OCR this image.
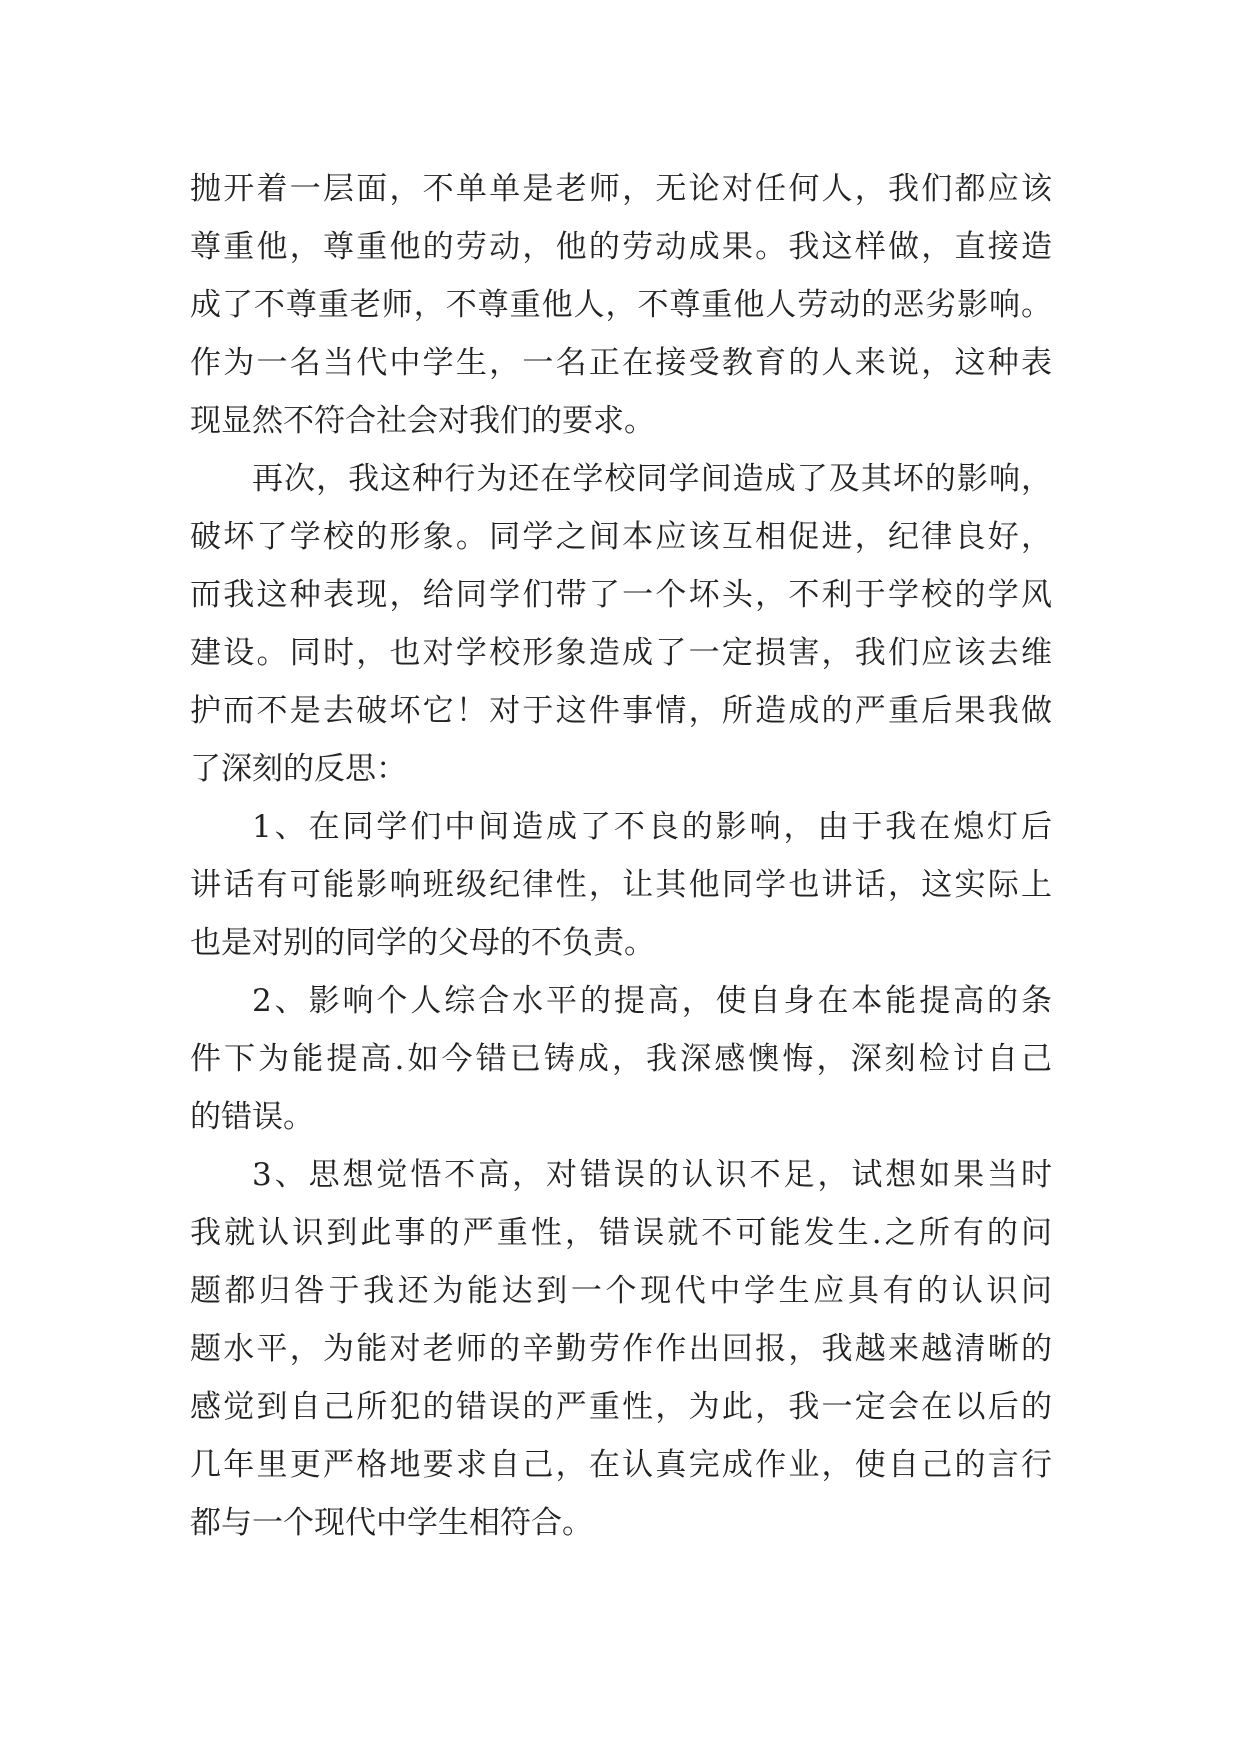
抛开着一层面，不单单是老师，无论对任何人，我们都应该
尊重他，尊重他的劳动，他的劳动成果。我这样做，直接造
成了不尊重老师，不尊重他人，不尊重他人劳动的恶劣影响。
作为一名当代中学生，一名正在接受教育的人来说，这种表
现显然不符合社会对我们的要求。
再次，我这种行为还在学校同学间造成了及其坏的影响，
破坏了学校的形象。同学之间本应该互相促进，纪律良好，
而我这种表现，给同学们带了一个坏头，不利于学校的学风
建设。同时，也对学校形象造成了一定损害，我们应该去维
护而不是去破坏它！对于这件事情，所造成的严重后果我做
了深刻的反思：
1、在同学们中间造成了不良的影响，由于我在熄灯后
讲话有可能影响班级纪律性，让其他同学也讲话，这实际上
也是对别的同学的父母的不负责。
2、影响个人综合水平的提高，使自身在本能提高的条
件下为能提高.如今错已铸成，我深感懊悔，深刻检讨自己
的错误。
3、思想觉悟不高，对错误的认识不足，试想如果当时
我就认识到此事的严重性，错误就不可能发生.之所有的问
题都归咎于我还为能达到一个现代中学生应具有的认识问
题水平，为能对老师的辛勤劳作作出回报，我越来越清晰的
感觉到自己所犯的错误的严重性，为此，我一定会在以后的
几年里更严格地要求自己，在认真完成作业，使自己的言行
都与一个现代中学生相符合。
